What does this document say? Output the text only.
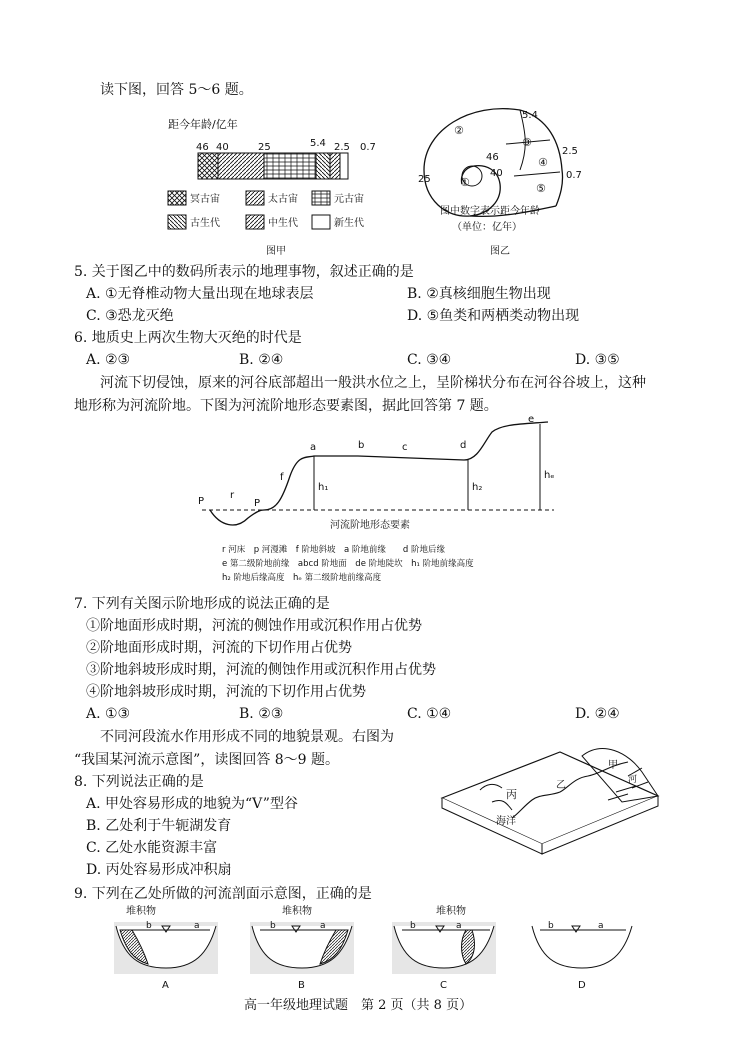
读下图，回答 5～6 题。
距今年龄/亿年
46 40	25	5.4 2.5 0.7
冥古宙	太古宙	元古宙
古生代	中生代	新生代
图甲
5.4
2.5
0.7
46
40
25	①
②
③
④
⑤
图中数字表示距今年龄
（单位：亿年）
图乙
5. 关于图乙中的数码所表示的地理事物，叙述正确的是
A. ①无脊椎动物大量出现在地球表层	B. ②真核细胞生物出现
C. ③恐龙灭绝	D. ⑤鱼类和两栖类动物出现
6. 地质史上两次生物大灭绝的时代是
A. ②③	B. ②④	C. ③④	D. ③⑤
河流下切侵蚀，原来的河谷底部超出一般洪水位之上，呈阶梯状分布在河谷谷坡上，这种
地形称为河流阶地。下图为河流阶地形态要素图，据此回答第 7 题。
P
r
P
f
a	b	c	d
e
h₁	h₂
hₑ
河流阶地形态要素
r 河床　p 河漫滩　f 阶地斜坡　a 阶地前缘　　d 阶地后缘
e 第二级阶地前缘　abcd 阶地面　de 阶地陡坎　h₁ 阶地前缘高度
h₂ 阶地后缘高度　hₑ 第二级阶地前缘高度
7. 下列有关图示阶地形成的说法正确的是
①阶地面形成时期，河流的侧蚀作用或沉积作用占优势
②阶地面形成时期，河流的下切作用占优势
③阶地斜坡形成时期，河流的侧蚀作用或沉积作用占优势
④阶地斜坡形成时期，河流的下切作用占优势
A. ①③	B. ②③	C. ①④	D. ②④
不同河段流水作用形成不同的地貌景观。右图为
“我国某河流示意图”，读图回答 8～9 题。	甲
乙
丙
河
海洋
8. 下列说法正确的是
A. 甲处容易形成的地貌为“V”型谷
B. 乙处利于牛轭湖发育
C. 乙处水能资源丰富
D. 丙处容易形成冲积扇
9. 下列在乙处所做的河流剖面示意图，正确的是
堆积物
b	a
A
堆积物
b	a
B
堆积物
b	a
C
b	a
D
高一年级地理试题　第 2 页（共 8 页）
